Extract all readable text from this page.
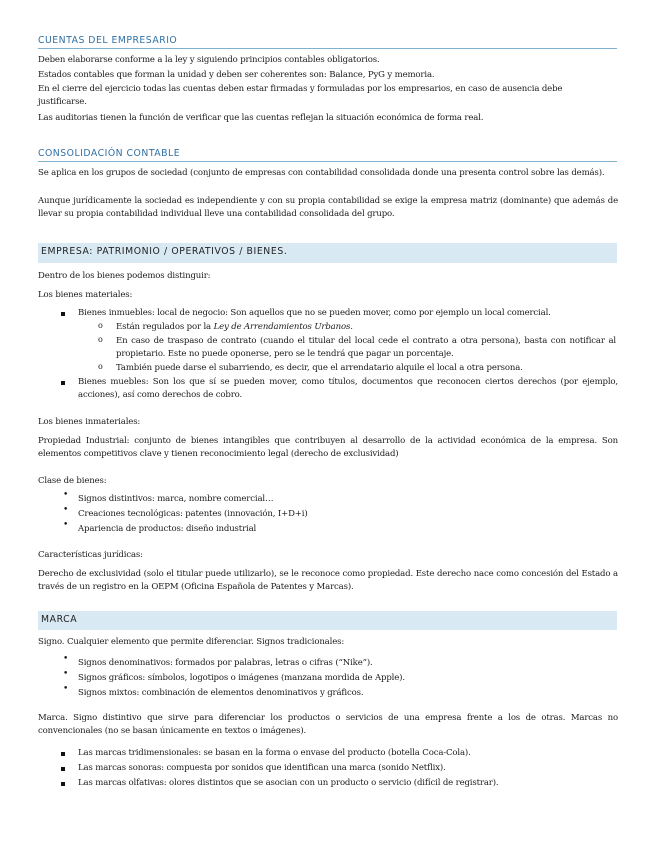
CUENTAS DEL EMPRESARIO
Deben elaborarse conforme a la ley y siguiendo principios contables obligatorios.
Estados contables que forman la unidad y deben ser coherentes son: Balance, PyG y memoria.
En el cierre del ejercicio todas las cuentas deben estar firmadas y formuladas por los empresarios, en caso de ausencia debe justificarse.
Las auditorias tienen la función de verificar que las cuentas reflejan la situación económica de forma real.
CONSOLIDACIÓN CONTABLE
Se aplica en los grupos de sociedad (conjunto de empresas con contabilidad consolidada donde una presenta control sobre las demás).
Aunque jurídicamente la sociedad es independiente y con su propia contabilidad se exige la empresa matriz (dominante) que además de llevar su propia contabilidad individual lleve una contabilidad consolidada del grupo.
EMPRESA: PATRIMONIO / OPERATIVOS / BIENES.
Dentro de los bienes podemos distinguir:
Los bienes materiales:
Bienes inmuebles: local de negocio: Son aquellos que no se pueden mover, como por ejemplo un local comercial.
o Están regulados por la Ley de Arrendamientos Urbanos.
o En caso de traspaso de contrato (cuando el titular del local cede el contrato a otra persona), basta con notificar al propietario. Este no puede oponerse, pero se le tendrá que pagar un porcentaje.
o También puede darse el subarriendo, es decir, que el arrendatario alquile el local a otra persona.
Bienes muebles: Son los que sí se pueden mover, como títulos, documentos que reconocen ciertos derechos (por ejemplo, acciones), así como derechos de cobro.
Los bienes inmateriales:
Propiedad Industrial: conjunto de bienes intangibles que contribuyen al desarrollo de la actividad económica de la empresa. Son elementos competitivos clave y tienen reconocimiento legal (derecho de exclusividad)
Clase de bienes:
• Signos distintivos: marca, nombre comercial…
• Creaciones tecnológicas: patentes (innovación, I+D+i)
• Apariencia de productos: diseño industrial
Características jurídicas:
Derecho de exclusividad (solo el titular puede utilizarlo), se le reconoce como propiedad. Este derecho nace como concesión del Estado a través de un registro en la OEPM (Oficina Española de Patentes y Marcas).
MARCA
Signo. Cualquier elemento que permite diferenciar. Signos tradicionales:
• Signos denominativos: formados por palabras, letras o cifras (“Nike”).
• Signos gráficos: símbolos, logotipos o imágenes (manzana mordida de Apple).
• Signos mixtos: combinación de elementos denominativos y gráficos.
Marca. Signo distintivo que sirve para diferenciar los productos o servicios de una empresa frente a los de otras. Marcas no convencionales (no se basan únicamente en textos o imágenes).
Las marcas tridimensionales: se basan en la forma o envase del producto (botella Coca-Cola).
Las marcas sonoras: compuesta por sonidos que identifican una marca (sonido Netflix).
Las marcas olfativas: olores distintos que se asocian con un producto o servicio (difícil de registrar).
